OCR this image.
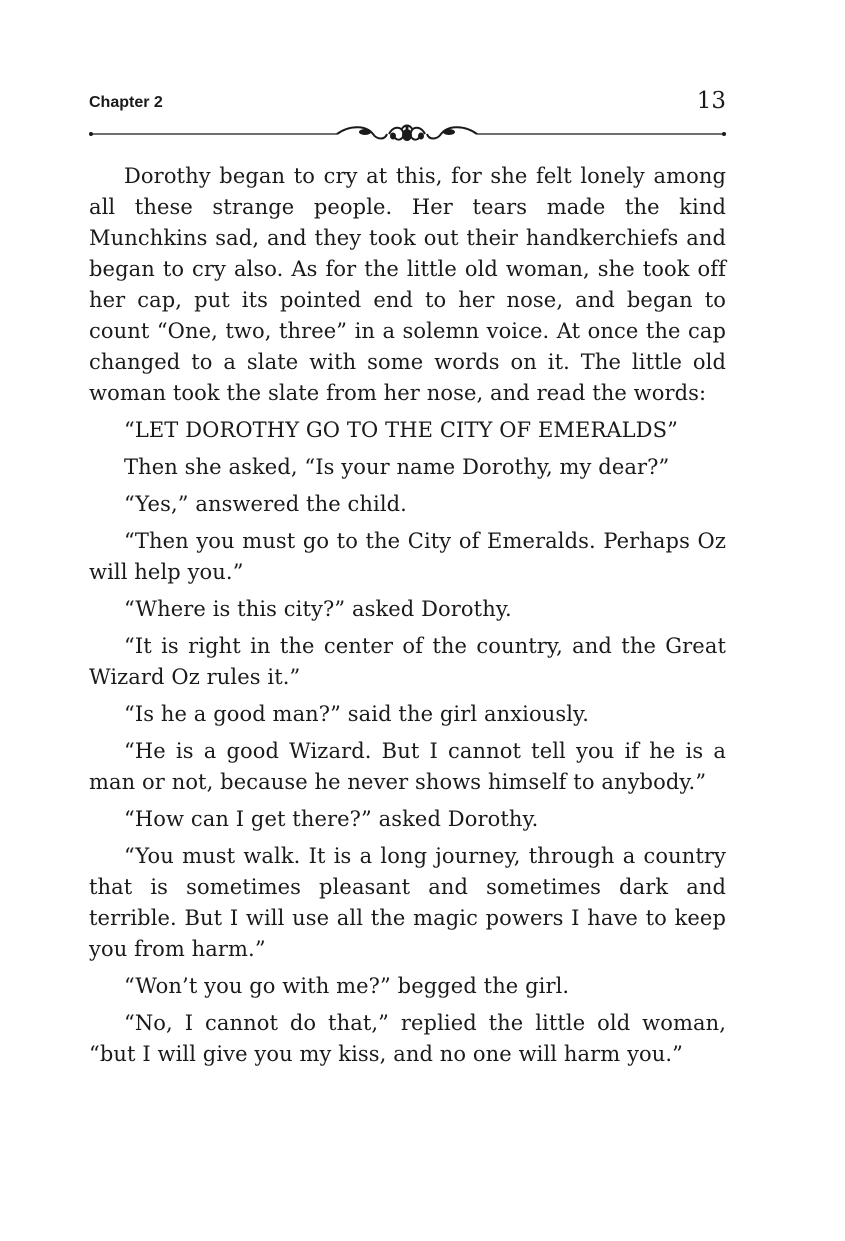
Chapter 2	13

Dorothy began to cry at this, for she felt lonely among all these strange people. Her tears made the kind Munchkins sad, and they took out their handkerchiefs and began to cry also. As for the little old woman, she took off her cap, put its pointed end to her nose, and began to count “One, two, three” in a solemn voice. At once the cap changed to a slate with some words on it. The little old woman took the slate from her nose, and read the words:

“LET DOROTHY GO TO THE CITY OF EMERALDS”

Then she asked, “Is your name Dorothy, my dear?”

“Yes,” answered the child.

“Then you must go to the City of Emeralds. Perhaps Oz will help you.”

“Where is this city?” asked Dorothy.

“It is right in the center of the country, and the Great Wizard Oz rules it.”

“Is he a good man?” said the girl anxiously.

“He is a good Wizard. But I cannot tell you if he is a man or not, because he never shows himself to anybody.”

“How can I get there?” asked Dorothy.

“You must walk. It is a long journey, through a country that is sometimes pleasant and sometimes dark and terrible. But I will use all the magic powers I have to keep you from harm.”

“Won’t you go with me?” begged the girl.

“No, I cannot do that,” replied the little old woman, “but I will give you my kiss, and no one will harm you.”
